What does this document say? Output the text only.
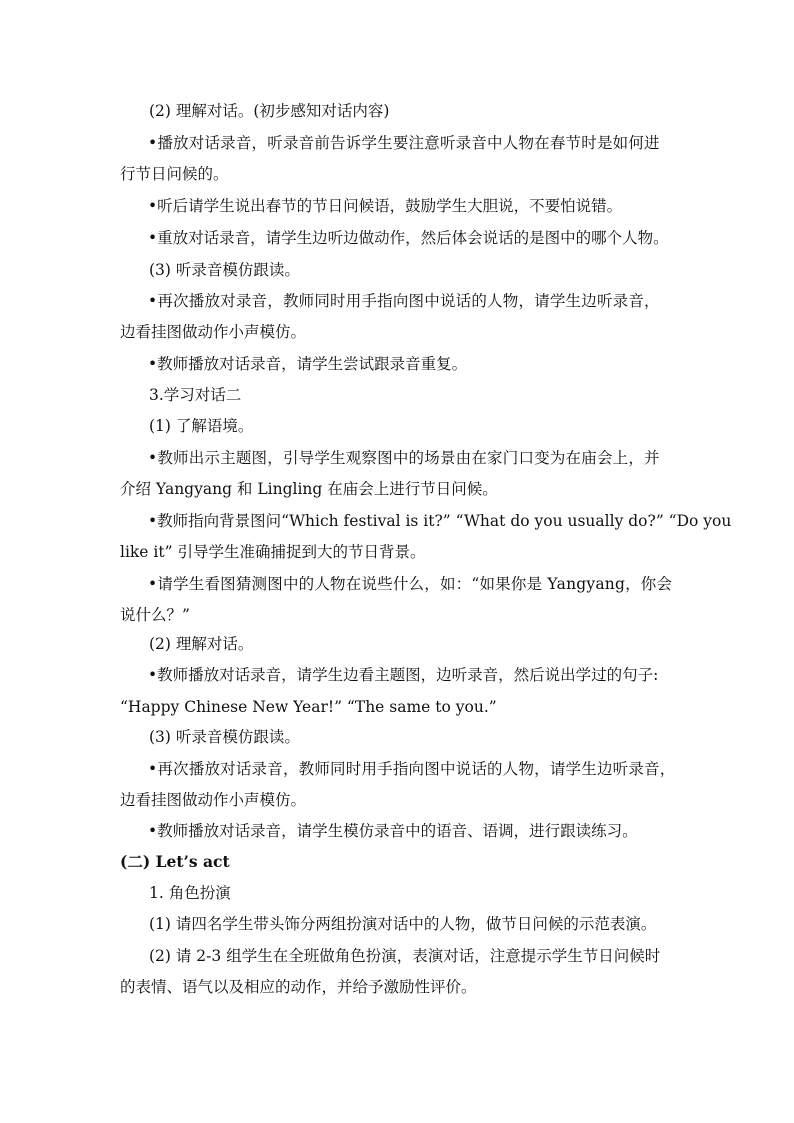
(2) 理解对话。(初步感知对话内容)
•播放对话录音，听录音前告诉学生要注意听录音中人物在春节时是如何进
行节日问候的。
•听后请学生说出春节的节日问候语，鼓励学生大胆说，不要怕说错。
•重放对话录音，请学生边听边做动作，然后体会说话的是图中的哪个人物。
(3) 听录音模仿跟读。
•再次播放对录音，教师同时用手指向图中说话的人物，请学生边听录音，
边看挂图做动作小声模仿。
•教师播放对话录音，请学生尝试跟录音重复。
3.学习对话二
(1) 了解语境。
•教师出示主题图，引导学生观察图中的场景由在家门口变为在庙会上，并
介绍 Yangyang 和 Lingling 在庙会上进行节日问候。
•教师指向背景图问“Which festival is it?” “What do you usually do?” “Do you
like it” 引导学生准确捕捉到大的节日背景。
•请学生看图猜测图中的人物在说些什么，如：“如果你是 Yangyang，你会
说什么？”
(2) 理解对话。
•教师播放对话录音，请学生边看主题图，边听录音，然后说出学过的句子:
“Happy Chinese New Year!” “The same to you.”
(3) 听录音模仿跟读。
•再次播放对话录音，教师同时用手指向图中说话的人物，请学生边听录音，
边看挂图做动作小声模仿。
•教师播放对话录音，请学生模仿录音中的语音、语调，进行跟读练习。
(二) Let’s act
1. 角色扮演
(1) 请四名学生带头饰分两组扮演对话中的人物，做节日问候的示范表演。
(2) 请 2-3 组学生在全班做角色扮演，表演对话，注意提示学生节日问候时
的表情、语气以及相应的动作，并给予激励性评价。
